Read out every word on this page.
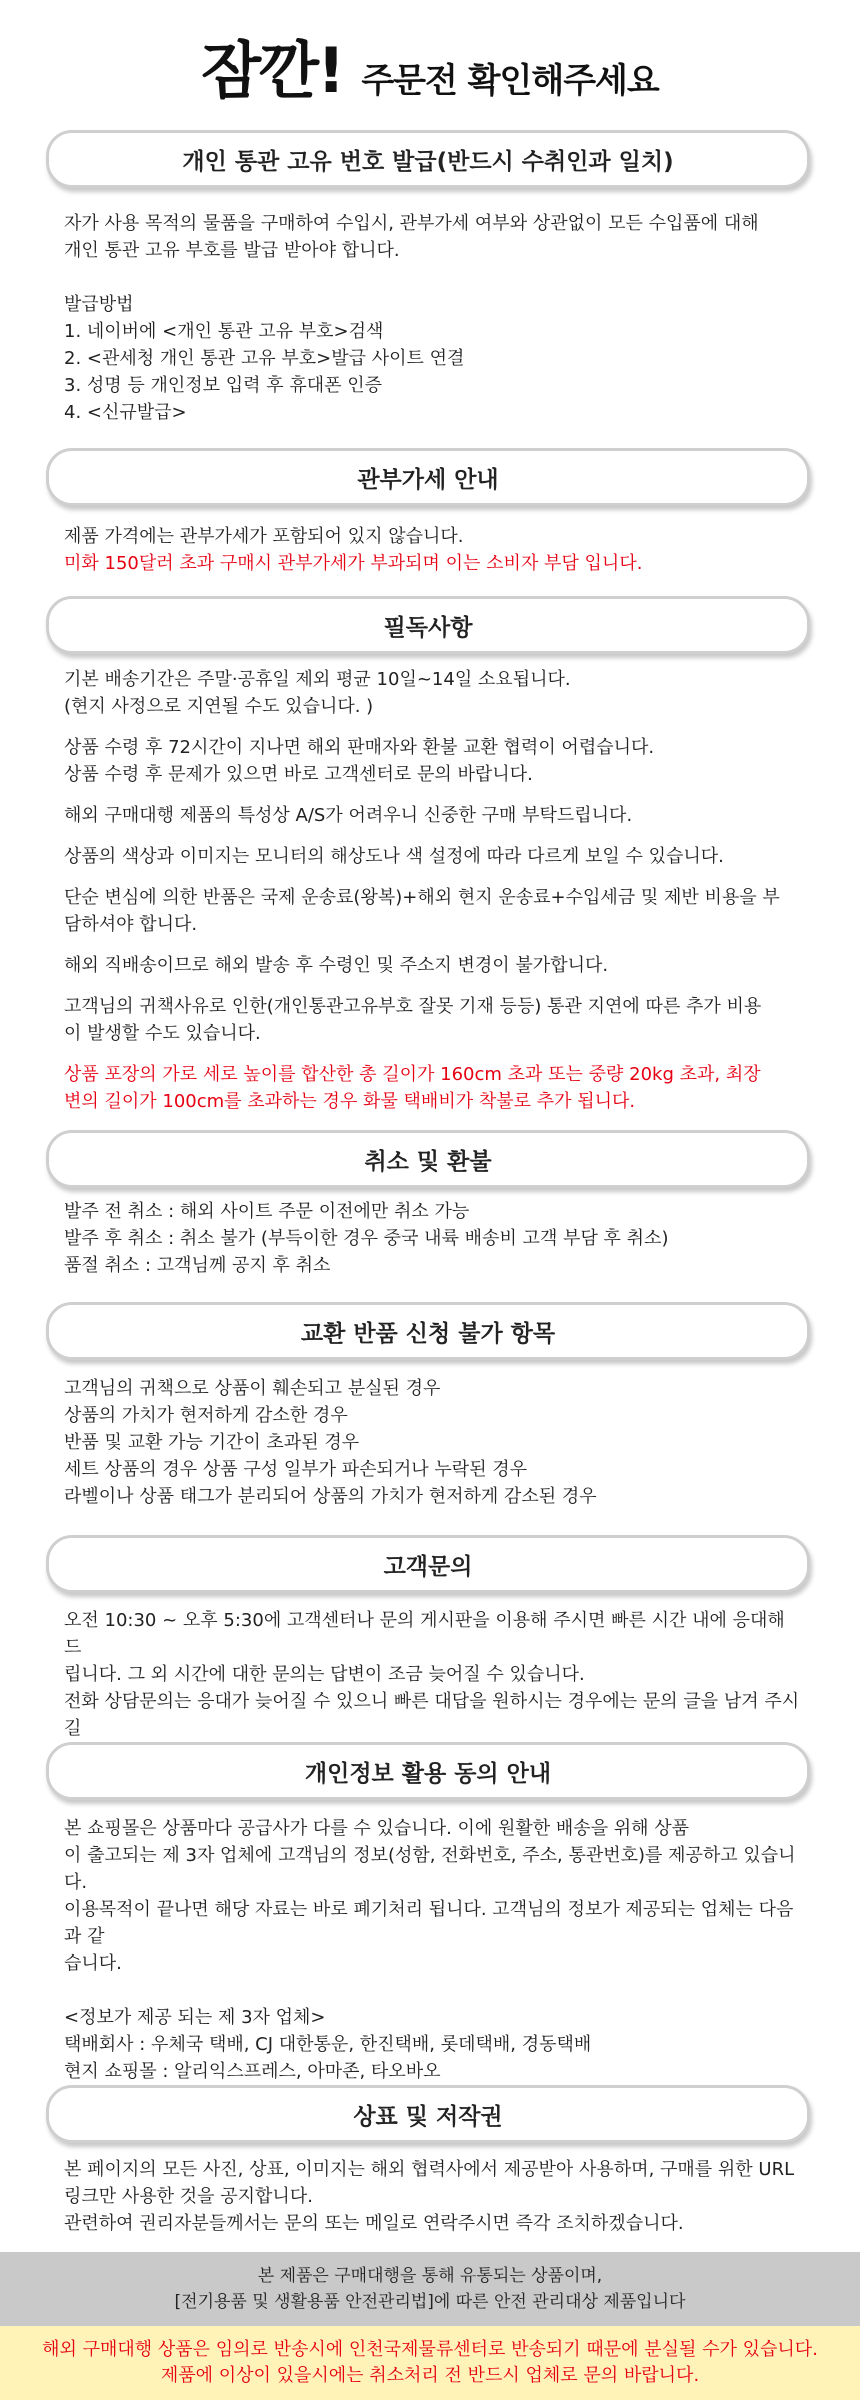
잠깐! 주문전 확인해주세요
개인 통관 고유 번호 발급(반드시 수취인과 일치)

자가 사용 목적의 물품을 구매하여 수입시, 관부가세 여부와 상관없이 모든 수입품에 대해

개인 통관 고유 부호를 발급 받아야 합니다.

발급방법

1. 네이버에 <개인 통관 고유 부호>검색

2. <관세청 개인 통관 고유 부호>발급 사이트 연결

3. 성명 등 개인정보 입력 후 휴대폰 인증

4. <신규발급>

관부가세 안내

제품 가격에는 관부가세가 포함되어 있지 않습니다.

미화 150달러 초과 구매시 관부가세가 부과되며 이는 소비자 부담 입니다.

필독사항

기본 배송기간은 주말·공휴일 제외 평균 10일~14일 소요됩니다.

(현지 사정으로 지연될 수도 있습니다. )

상품 수령 후 72시간이 지나면 해외 판매자와 환불 교환 협력이 어렵습니다.

상품 수령 후 문제가 있으면 바로 고객센터로 문의 바랍니다.

해외 구매대행 제품의 특성상 A/S가 어려우니 신중한 구매 부탁드립니다.

상품의 색상과 이미지는 모니터의 해상도나 색 설정에 따라 다르게 보일 수 있습니다.

단순 변심에 의한 반품은 국제 운송료(왕복)+해외 현지 운송료+수입세금 및 제반 비용을 부

담하셔야 합니다.

해외 직배송이므로 해외 발송 후 수령인 및 주소지 변경이 불가합니다.

고객님의 귀책사유로 인한(개인통관고유부호 잘못 기재 등등) 통관 지연에 따른 추가 비용

이 발생할 수도 있습니다.

상품 포장의 가로 세로 높이를 합산한 총 길이가 160cm 초과 또는 중량 20kg 초과, 최장

변의 길이가 100cm를 초과하는 경우 화물 택배비가 착불로 추가 됩니다.

취소 및 환불

발주 전 취소 : 해외 사이트 주문 이전에만 취소 가능

발주 후 취소 : 취소 불가 (부득이한 경우 중국 내륙 배송비 고객 부담 후 취소)

품절 취소 : 고객님께 공지 후 취소

교환 반품 신청 불가 항목

고객님의 귀책으로 상품이 훼손되고 분실된 경우

상품의 가치가 현저하게 감소한 경우

반품 및 교환 가능 기간이 초과된 경우

세트 상품의 경우 상품 구성 일부가 파손되거나 누락된 경우

라벨이나 상품 태그가 분리되어 상품의 가치가 현저하게 감소된 경우

고객문의

오전 10:30 ~ 오후 5:30에 고객센터나 문의 게시판을 이용해 주시면 빠른 시간 내에 응대해 드

립니다. 그 외 시간에 대한 문의는 답변이 조금 늦어질 수 있습니다.

전화 상담문의는 응대가 늦어질 수 있으니 빠른 대답을 원하시는 경우에는 문의 글을 남겨 주시길

개인정보 활용 동의 안내

본 쇼핑몰은 상품마다 공급사가 다를 수 있습니다. 이에 원활한 배송을 위해 상품

이 출고되는 제 3자 업체에 고객님의 정보(성함, 전화번호, 주소, 통관번호)를 제공하고 있습니다.

이용목적이 끝나면 해당 자료는 바로 폐기처리 됩니다. 고객님의 정보가 제공되는 업체는 다음과 같

습니다.

<정보가 제공 되는 제 3자 업체>

택배회사 : 우체국 택배, CJ 대한통운, 한진택배, 롯데택배, 경동택배

현지 쇼핑몰 : 알리익스프레스, 아마존, 타오바오

상표 및 저작권

본 페이지의 모든 사진, 상표, 이미지는 해외 협력사에서 제공받아 사용하며, 구매를 위한 URL

링크만 사용한 것을 공지합니다.

관련하여 권리자분들께서는 문의 또는 메일로 연락주시면 즉각 조치하겠습니다.

본 제품은 구매대행을 통해 유통되는 상품이며,
[전기용품 및 생활용품 안전관리법]에 따른 안전 관리대상 제품입니다
해외 구매대행 상품은 임의로 반송시에 인천국제물류센터로 반송되기 때문에 분실될 수가 있습니다.
제품에 이상이 있을시에는 취소처리 전 반드시 업체로 문의 바랍니다.
